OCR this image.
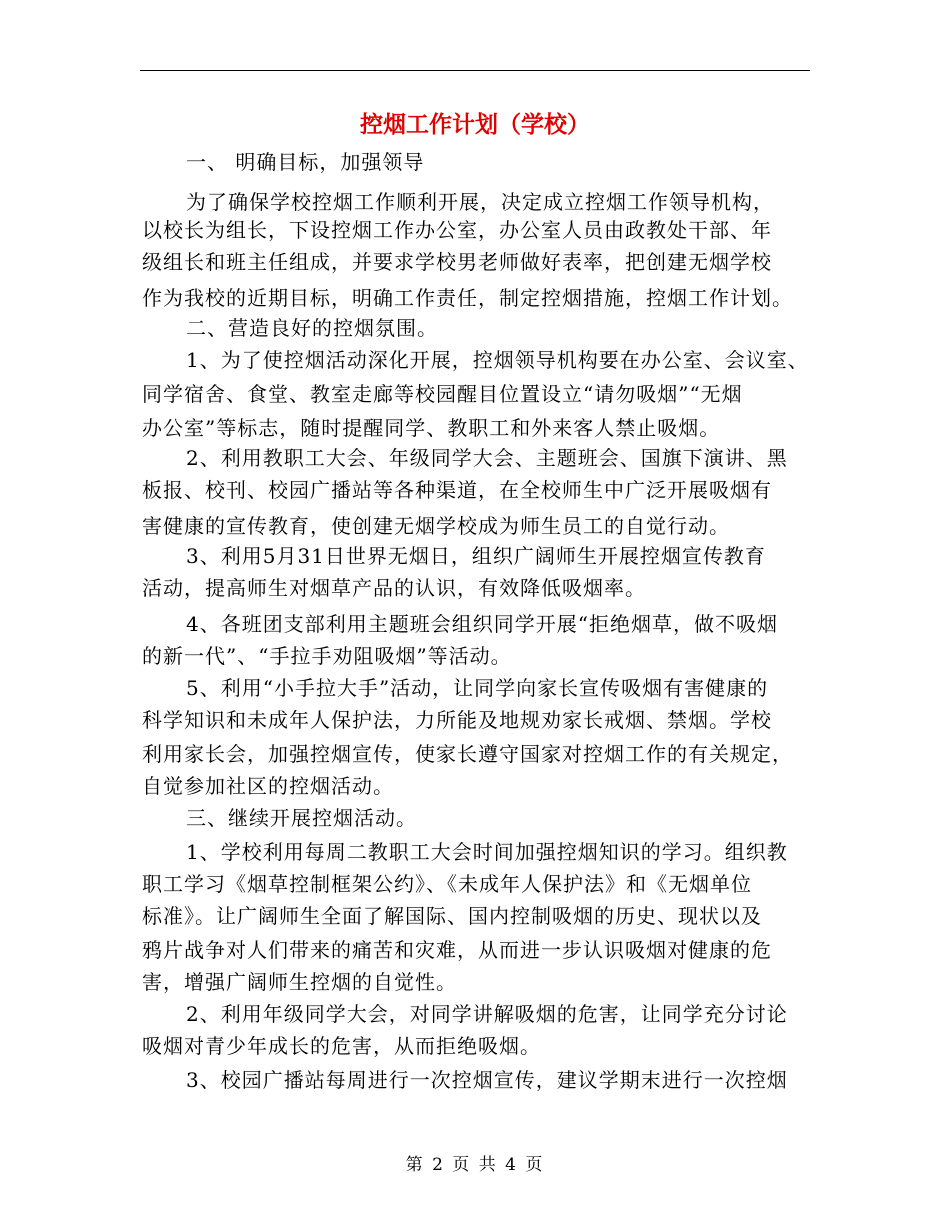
控烟工作计划（学校）
一、 明确目标，加强领导
为了确保学校控烟工作顺利开展，决定成立控烟工作领导机构，
以校长为组长，下设控烟工作办公室，办公室人员由政教处干部、年
级组长和班主任组成，并要求学校男老师做好表率，把创建无烟学校
作为我校的近期目标，明确工作责任，制定控烟措施，控烟工作计划。
二、营造良好的控烟氛围。
1、为了使控烟活动深化开展，控烟领导机构要在办公室、会议室、
同学宿舍、食堂、教室走廊等校园醒目位置设立“请勿吸烟”“无烟
办公室”等标志，随时提醒同学、教职工和外来客人禁止吸烟。
2、利用教职工大会、年级同学大会、主题班会、国旗下演讲、黑
板报、校刊、校园广播站等各种渠道，在全校师生中广泛开展吸烟有
害健康的宣传教育，使创建无烟学校成为师生员工的自觉行动。
3、利用5月31日世界无烟日，组织广阔师生开展控烟宣传教育
活动，提高师生对烟草产品的认识，有效降低吸烟率。
4、各班团支部利用主题班会组织同学开展“拒绝烟草，做不吸烟
的新一代”、“手拉手劝阻吸烟”等活动。
5、利用“小手拉大手”活动，让同学向家长宣传吸烟有害健康的
科学知识和未成年人保护法，力所能及地规劝家长戒烟、禁烟。学校
利用家长会，加强控烟宣传，使家长遵守国家对控烟工作的有关规定，
自觉参加社区的控烟活动。
三、继续开展控烟活动。
1、学校利用每周二教职工大会时间加强控烟知识的学习。组织教
职工学习《烟草控制框架公约》、《未成年人保护法》和《无烟单位
标准》。让广阔师生全面了解国际、国内控制吸烟的历史、现状以及
鸦片战争对人们带来的痛苦和灾难，从而进一步认识吸烟对健康的危
害，增强广阔师生控烟的自觉性。
2、利用年级同学大会，对同学讲解吸烟的危害，让同学充分讨论
吸烟对青少年成长的危害，从而拒绝吸烟。
3、校园广播站每周进行一次控烟宣传，建议学期末进行一次控烟
第 2 页 共 4 页
